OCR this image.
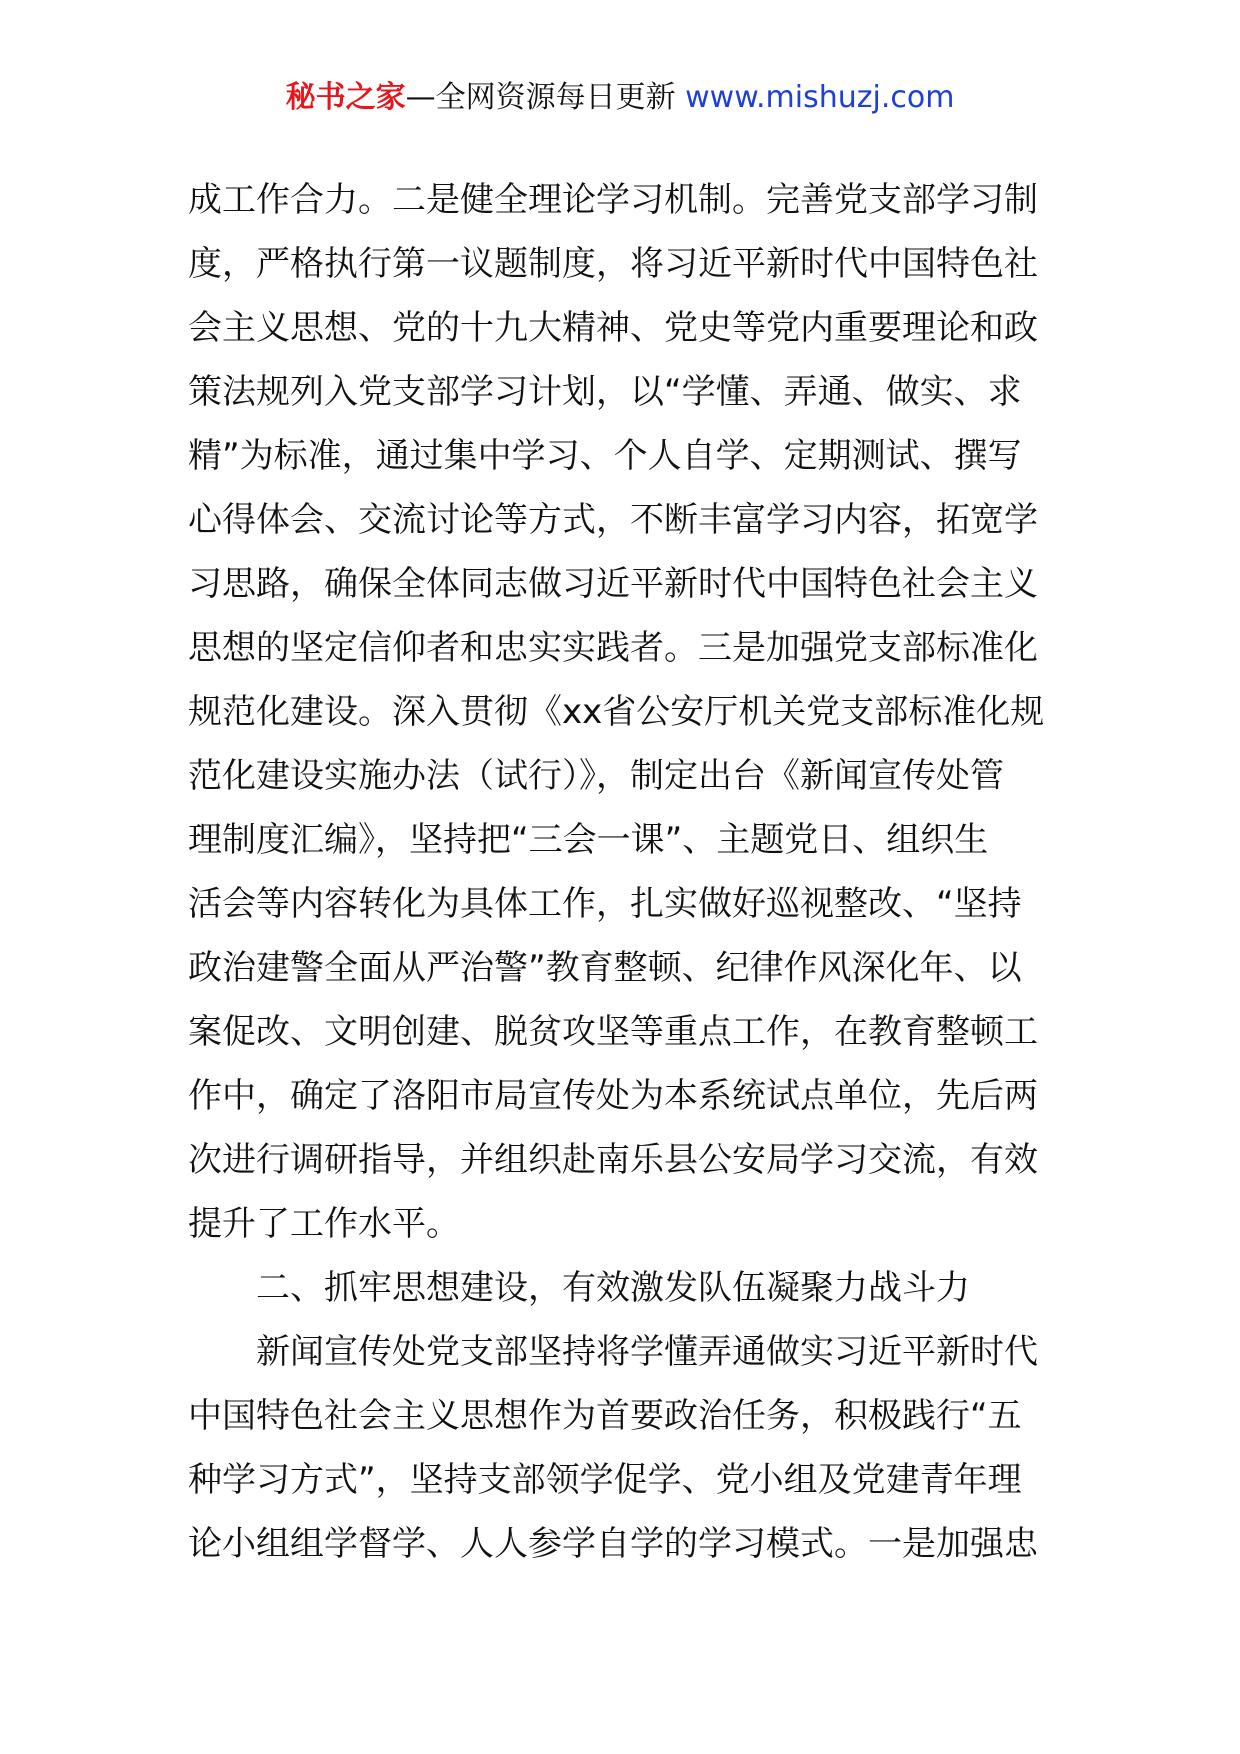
秘书之家—全网资源每日更新 www.mishuzj.com
成工作合力。二是健全理论学习机制。完善党支部学习制
度，严格执行第一议题制度，将习近平新时代中国特色社
会主义思想、党的十九大精神、党史等党内重要理论和政
策法规列入党支部学习计划，以“学懂、弄通、做实、求
精”为标准，通过集中学习、个人自学、定期测试、撰写
心得体会、交流讨论等方式，不断丰富学习内容，拓宽学
习思路，确保全体同志做习近平新时代中国特色社会主义
思想的坚定信仰者和忠实实践者。三是加强党支部标准化
规范化建设。深入贯彻《xx省公安厅机关党支部标准化规
范化建设实施办法（试行）》，制定出台《新闻宣传处管
理制度汇编》，坚持把“三会一课”、主题党日、组织生
活会等内容转化为具体工作，扎实做好巡视整改、“坚持
政治建警全面从严治警”教育整顿、纪律作风深化年、以
案促改、文明创建、脱贫攻坚等重点工作，在教育整顿工
作中，确定了洛阳市局宣传处为本系统试点单位，先后两
次进行调研指导，并组织赴南乐县公安局学习交流，有效
提升了工作水平。
二、抓牢思想建设，有效激发队伍凝聚力战斗力
新闻宣传处党支部坚持将学懂弄通做实习近平新时代
中国特色社会主义思想作为首要政治任务，积极践行“五
种学习方式”，坚持支部领学促学、党小组及党建青年理
论小组组学督学、人人参学自学的学习模式。一是加强忠
